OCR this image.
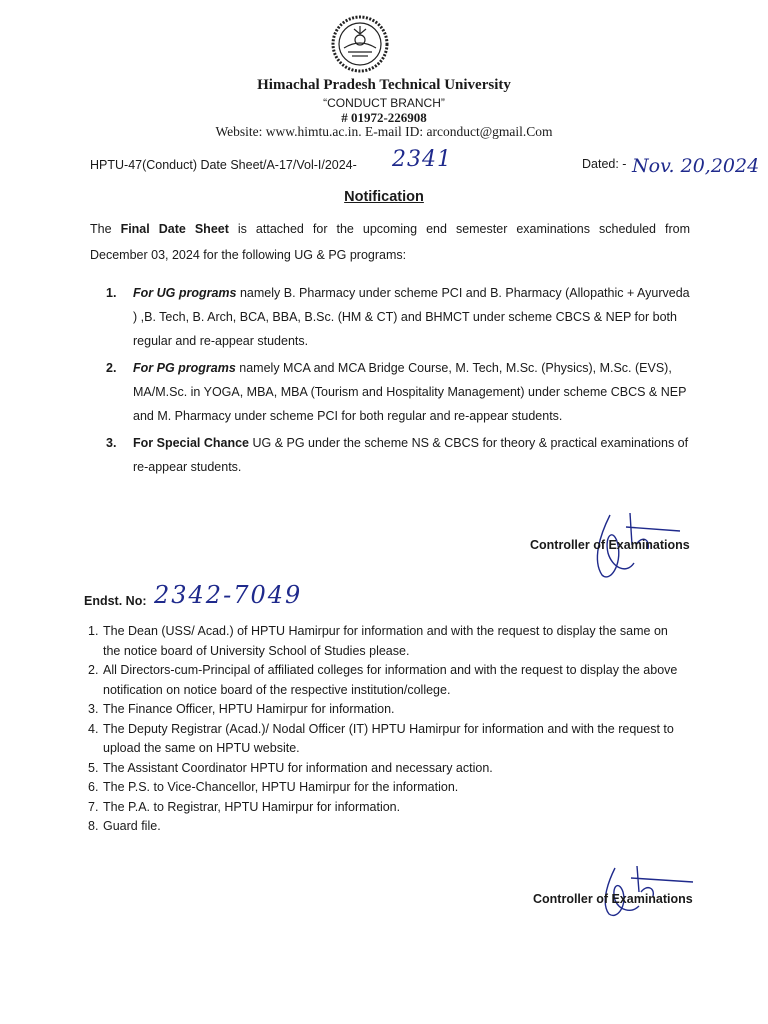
Himachal Pradesh Technical University
“CONDUCT BRANCH”
# 01972-226908
Website: www.himtu.ac.in. E-mail ID: arconduct@gmail.Com
HPTU-47(Conduct) Date Sheet/A-17/Vol-I/2024- 2341	Dated: - Nov. 20,2024
Notification
The Final Date Sheet is attached for the upcoming end semester examinations scheduled from
December 03, 2024 for the following UG & PG programs:
1. For UG programs namely B. Pharmacy under scheme PCI and B. Pharmacy (Allopathic + Ayurveda ) ,B. Tech, B. Arch, BCA, BBA, B.Sc. (HM & CT) and BHMCT under scheme CBCS & NEP for both regular and re-appear students.
2. For PG programs namely MCA and MCA Bridge Course, M. Tech, M.Sc. (Physics), M.Sc. (EVS), MA/M.Sc. in YOGA, MBA, MBA (Tourism and Hospitality Management) under scheme CBCS & NEP and M. Pharmacy under scheme PCI for both regular and re-appear students.
3. For Special Chance UG & PG under the scheme NS & CBCS for theory & practical examinations of re-appear students.
Controller of Examinations
Endst. No: 2342-7049
1. The Dean (USS/ Acad.) of HPTU Hamirpur for information and with the request to display the same on the notice board of University School of Studies please.
2. All Directors-cum-Principal of affiliated colleges for information and with the request to display the above notification on notice board of the respective institution/college.
3. The Finance Officer, HPTU Hamirpur for information.
4. The Deputy Registrar (Acad.)/ Nodal Officer (IT) HPTU Hamirpur for information and with the request to upload the same on HPTU website.
5. The Assistant Coordinator HPTU for information and necessary action.
6. The P.S. to Vice-Chancellor, HPTU Hamirpur for the information.
7. The P.A. to Registrar, HPTU Hamirpur for information.
8. Guard file.
Controller of Examinations
